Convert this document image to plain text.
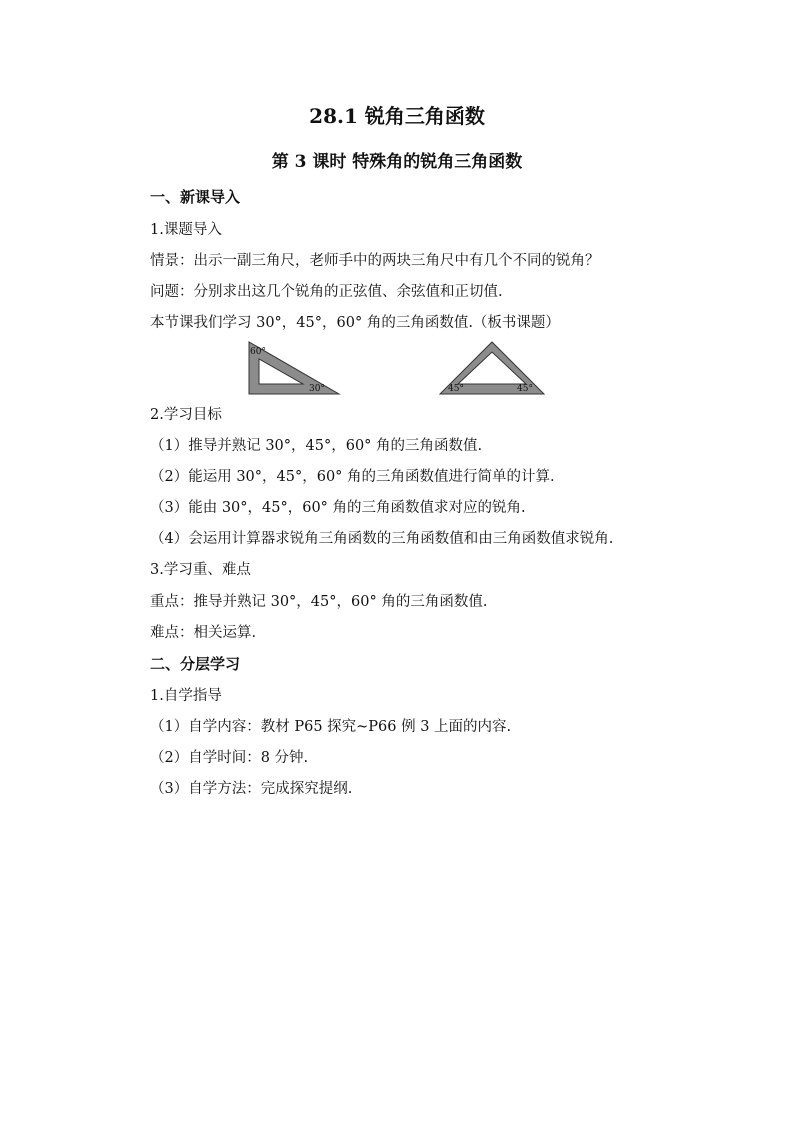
28.1 锐角三角函数
第 3 课时 特殊角的锐角三角函数

一、新课导入

1.课题导入

情景：出示一副三角尺，老师手中的两块三角尺中有几个不同的锐角？

问题：分别求出这几个锐角的正弦值、余弦值和正切值.

本节课我们学习 30°，45°，60° 角的三角函数值.（板书课题）

60°
30°	45°	45°

2.学习目标

（1）推导并熟记 30°，45°，60° 角的三角函数值.

（2）能运用 30°，45°，60° 角的三角函数值进行简单的计算.

（3）能由 30°，45°，60° 角的三角函数值求对应的锐角.

（4）会运用计算器求锐角三角函数的三角函数值和由三角函数值求锐角.

3.学习重、难点

重点：推导并熟记 30°，45°，60° 角的三角函数值.

难点：相关运算.

二、分层学习

1.自学指导

（1）自学内容：教材 P65 探究~P66 例 3 上面的内容.

（2）自学时间：8 分钟.

（3）自学方法：完成探究提纲.
